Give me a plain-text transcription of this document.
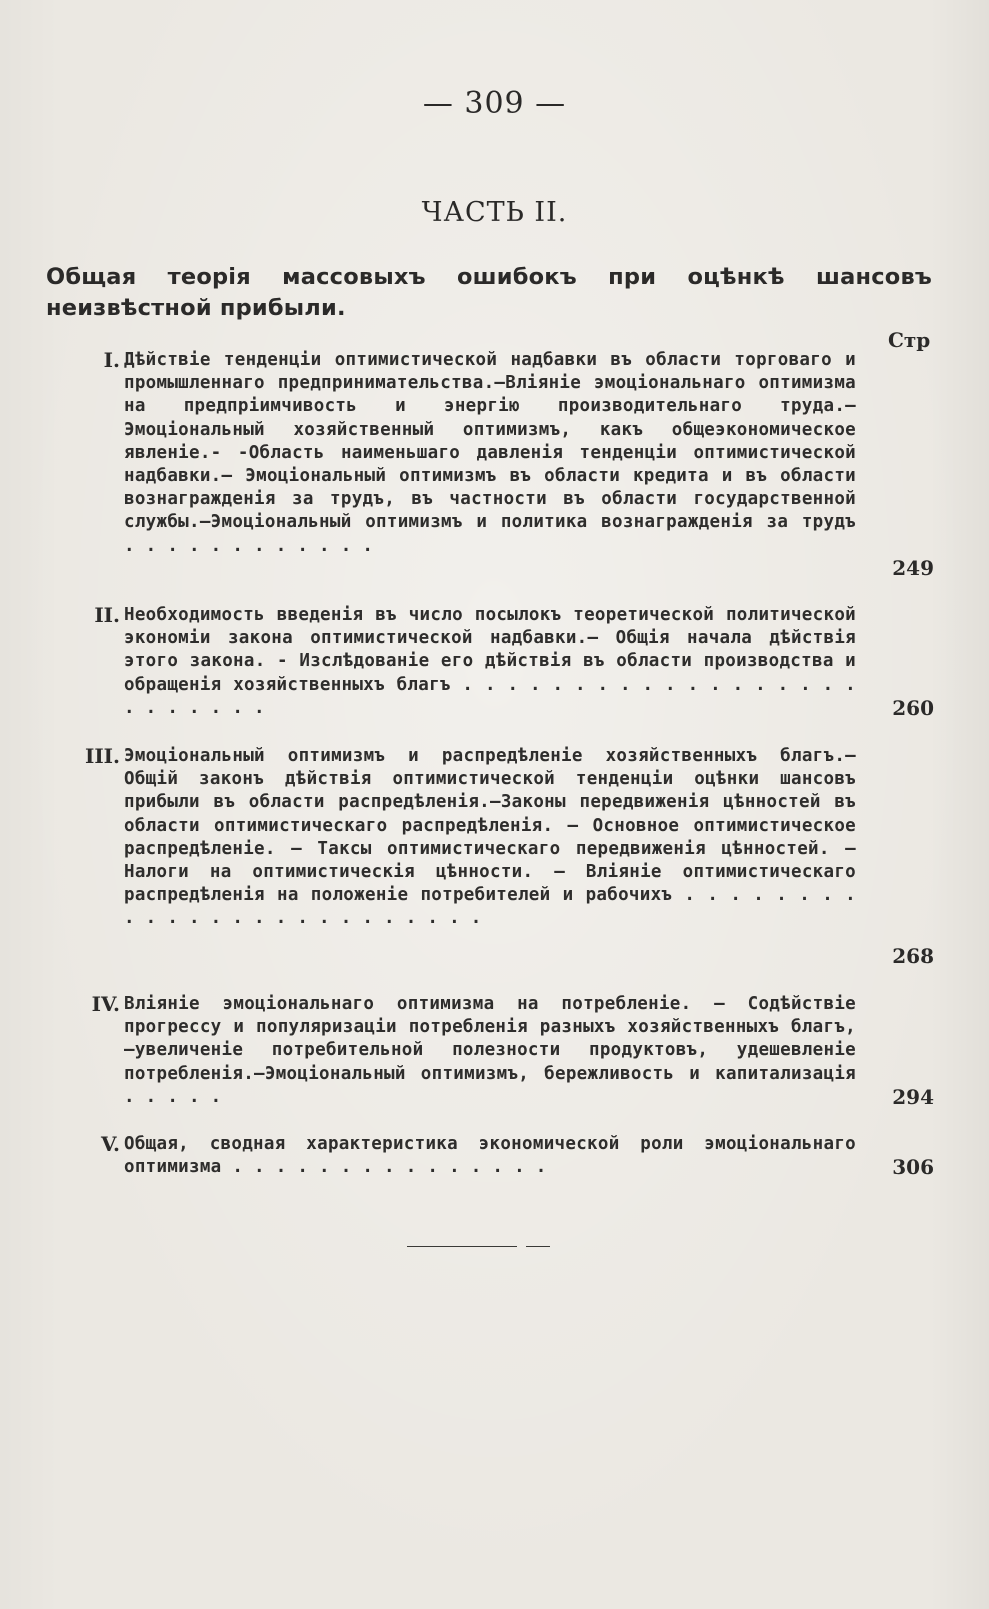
— 309 —
ЧАСТЬ II.
Общая теорія массовыхъ ошибокъ при оцѣнкѣ шансовъ неизвѣстной прибыли.
Стр
I. Дѣйствіе тенденціи оптимистической надбавки въ области торговаго и промышленнаго предпринимательства.—Вліяніе эмоціональнаго оптимизма на предпріимчивость и энергію производительнаго труда.—Эмоціональный хозяйственный оптимизмъ, какъ общеэкономическое явленіе.- -Область наименьшаго давленія тенденціи оптимистической надбавки.— Эмоціональный оптимизмъ въ области кредита и въ области вознагражденія за трудъ, въ частности въ области государственной службы.—Эмоціональный оптимизмъ и политика вознагражденія за трудъ . . . . . . . . . . . .
249
II. Необходимость введенія въ число посылокъ теоретической политической экономіи закона оптимистической надбавки.— Общія начала дѣйствія этого закона. - Изслѣдованіе его дѣйствія въ области производства и обращенія хозяйственныхъ благъ . . . . . . . . . . . . . . . . . . . . . . . . .	260
III. Эмоціональный оптимизмъ и распредѣленіе хозяйственныхъ благъ.— Общій законъ дѣйствія оптимистической тенденціи оцѣнки шансовъ прибыли въ области распредѣленія.—Законы передвиженія цѣнностей въ области оптимистическаго распредѣленія. — Основное оптимистическое распредѣленіе. — Таксы оптимистическаго передвиженія цѣнностей. — Налоги на оптимистическія цѣнности. — Вліяніе оптимистическаго распредѣленія на положеніе потребителей и рабочихъ . . . . . . . . . . . . . . . . . . . . . . . . .
268
IV. Вліяніе эмоціональнаго оптимизма на потребленіе. — Содѣйствіе прогрессу и популяризаціи потребленія разныхъ хозяйственныхъ благъ,—увеличеніе потребительной полезности продуктовъ, удешевленіе потребленія.—Эмоціональный оптимизмъ, бережливость и капитализація . . . . .	294
V. Общая, сводная характеристика экономической роли эмоціональнаго оптимизма . . . . . . . . . . . . . . .	306
